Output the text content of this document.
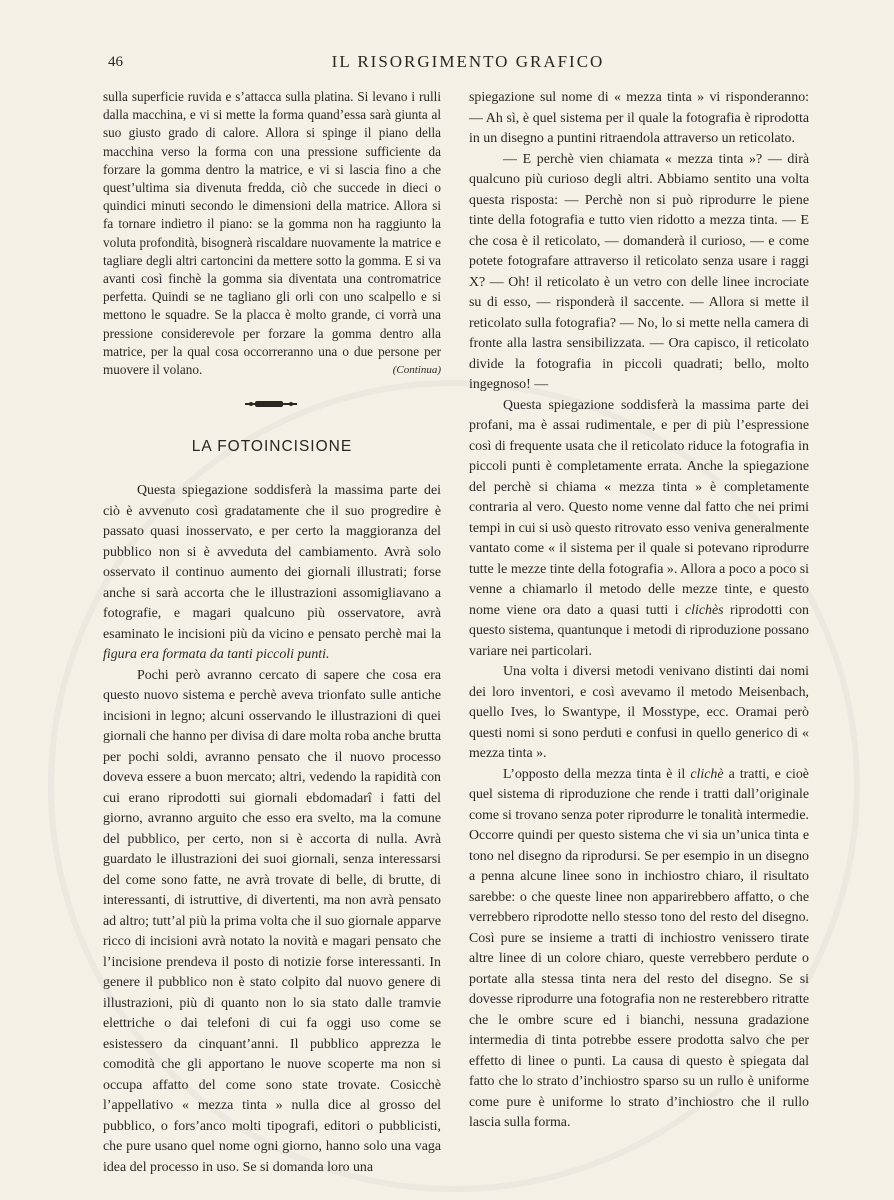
46	IL RISORGIMENTO GRAFICO

sulla superficie ruvida e s’attacca sulla platina. Si levano i rulli dalla macchina, e vi si mette la forma quand’essa sarà giunta al suo giusto grado di calore. Allora si spinge il piano della macchina verso la forma con una pressione sufficiente da forzare la gomma dentro la matrice, e vi si lascia fino a che quest’ultima sia divenuta fredda, ciò che succede in dieci o quindici minuti secondo le dimensioni della matrice. Allora si fa tornare indietro il piano: se la gomma non ha raggiunto la voluta profondità, bisognerà riscaldare nuovamente la matrice e tagliare degli altri cartoncini da mettere sotto la gomma. E si va avanti così finchè la gomma sia diventata una contromatrice perfetta. Quindi se ne tagliano gli orli con uno scalpello e si mettono le squadre. Se la placca è molto grande, ci vorrà una pressione considerevole per forzare la gomma dentro alla matrice, per la qual cosa occorreranno una o due persone per muovere il volano.	(Continua)

LA FOTOINCISIONE

Questa spiegazione soddisferà la massima parte dei ciò è avvenuto così gradatamente che il suo progredire è passato quasi inosservato, e per certo la maggioranza del pubblico non si è avveduta del cambiamento. Avrà solo osservato il continuo aumento dei giornali illustrati; forse anche si sarà accorta che le illustrazioni assomigliavano a fotografie, e magari qualcuno più osservatore, avrà esaminato le incisioni più da vicino e pensato perchè mai la figura era formata da tanti piccoli punti.

Pochi però avranno cercato di sapere che cosa era questo nuovo sistema e perchè aveva trionfato sulle antiche incisioni in legno; alcuni osservando le illustrazioni di quei giornali che hanno per divisa di dare molta roba anche brutta per pochi soldi, avranno pensato che il nuovo processo doveva essere a buon mercato; altri, vedendo la rapidità con cui erano riprodotti sui giornali ebdomadarî i fatti del giorno, avranno arguito che esso era svelto, ma la comune del pubblico, per certo, non si è accorta di nulla. Avrà guardato le illustrazioni dei suoi giornali, senza interessarsi del come sono fatte, ne avrà trovate di belle, di brutte, di interessanti, di istruttive, di divertenti, ma non avrà pensato ad altro; tutt’al più la prima volta che il suo giornale apparve ricco di incisioni avrà notato la novità e magari pensato che l’incisione prendeva il posto di notizie forse interessanti. In genere il pubblico non è stato colpito dal nuovo genere di illustrazioni, più di quanto non lo sia stato dalle tramvie elettriche o dai telefoni di cui fa oggi uso come se esistessero da cinquant’anni. Il pubblico apprezza le comodità che gli apportano le nuove scoperte ma non si occupa affatto del come sono state trovate. Cosicchè l’appellativo « mezza tinta » nulla dice al grosso del pubblico, o fors’anco molti tipografi, editori o pubblicisti, che pure usano quel nome ogni giorno, hanno solo una vaga idea del processo in uso. Se si domanda loro una

spiegazione sul nome di « mezza tinta » vi risponderanno: — Ah sì, è quel sistema per il quale la fotografia è riprodotta in un disegno a puntini ritraendola attraverso un reticolato.

— E perchè vien chiamata « mezza tinta »? — dirà qualcuno più curioso degli altri. Abbiamo sentito una volta questa risposta: — Perchè non si può riprodurre le piene tinte della fotografia e tutto vien ridotto a mezza tinta. — E che cosa è il reticolato, — domanderà il curioso, — e come potete fotografare attraverso il reticolato senza usare i raggi X? — Oh! il reticolato è un vetro con delle linee incrociate su di esso, — risponderà il saccente. — Allora si mette il reticolato sulla fotografia? — No, lo si mette nella camera di fronte alla lastra sensibilizzata. — Ora capisco, il reticolato divide la fotografia in piccoli quadrati; bello, molto ingegnoso! —

Questa spiegazione soddisferà la massima parte dei profani, ma è assai rudimentale, e per di più l’espressione così di frequente usata che il reticolato riduce la fotografia in piccoli punti è completamente errata. Anche la spiegazione del perchè si chiama « mezza tinta » è completamente contraria al vero. Questo nome venne dal fatto che nei primi tempi in cui si usò questo ritrovato esso veniva generalmente vantato come « il sistema per il quale si potevano riprodurre tutte le mezze tinte della fotografia ». Allora a poco a poco si venne a chiamarlo il metodo delle mezze tinte, e questo nome viene ora dato a quasi tutti i clichès riprodotti con questo sistema, quantunque i metodi di riproduzione possano variare nei particolari.

Una volta i diversi metodi venivano distinti dai nomi dei loro inventori, e così avevamo il metodo Meisenbach, quello Ives, lo Swantype, il Mosstype, ecc. Oramai però questi nomi si sono perduti e confusi in quello generico di « mezza tinta ».

L’opposto della mezza tinta è il clichè a tratti, e cioè quel sistema di riproduzione che rende i tratti dall’originale come si trovano senza poter riprodurre le tonalità intermedie. Occorre quindi per questo sistema che vi sia un’unica tinta e tono nel disegno da riprodursi. Se per esempio in un disegno a penna alcune linee sono in inchiostro chiaro, il risultato sarebbe: o che queste linee non apparirebbero affatto, o che verrebbero riprodotte nello stesso tono del resto del disegno. Così pure se insieme a tratti di inchiostro venissero tirate altre linee di un colore chiaro, queste verrebbero perdute o portate alla stessa tinta nera del resto del disegno. Se si dovesse riprodurre una fotografia non ne resterebbero ritratte che le ombre scure ed i bianchi, nessuna gradazione intermedia di tinta potrebbe essere prodotta salvo che per effetto di linee o punti. La causa di questo è spiegata dal fatto che lo strato d’inchiostro sparso su un rullo è uniforme come pure è uniforme lo strato d’inchiostro che il rullo lascia sulla forma.
